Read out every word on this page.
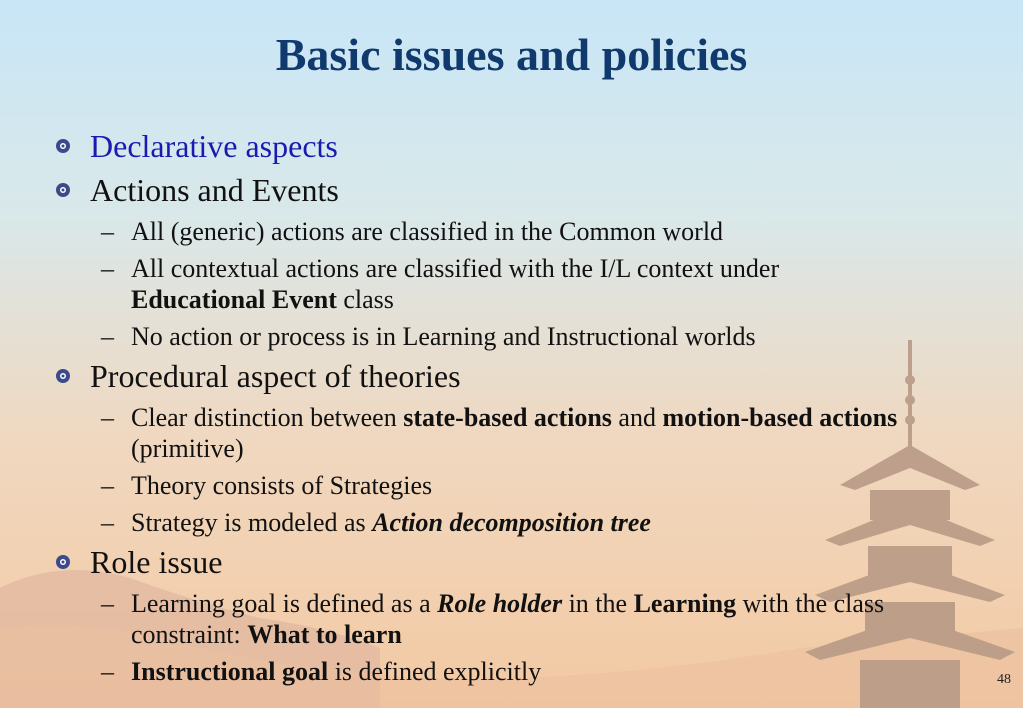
Basic issues and policies
Declarative aspects
Actions and Events
– All (generic) actions are classified in the Common world
– All contextual actions are classified with the I/L context under
Educational Event class
– No action or process is in Learning and Instructional worlds
Procedural aspect of theories
– Clear distinction between state-based actions and motion-based actions (primitive)
– Theory consists of Strategies
– Strategy is modeled as Action decomposition tree
Role issue
– Learning goal is defined as a Role holder in the Learning with the class constraint: What to learn
– Instructional goal is defined explicitly	48
